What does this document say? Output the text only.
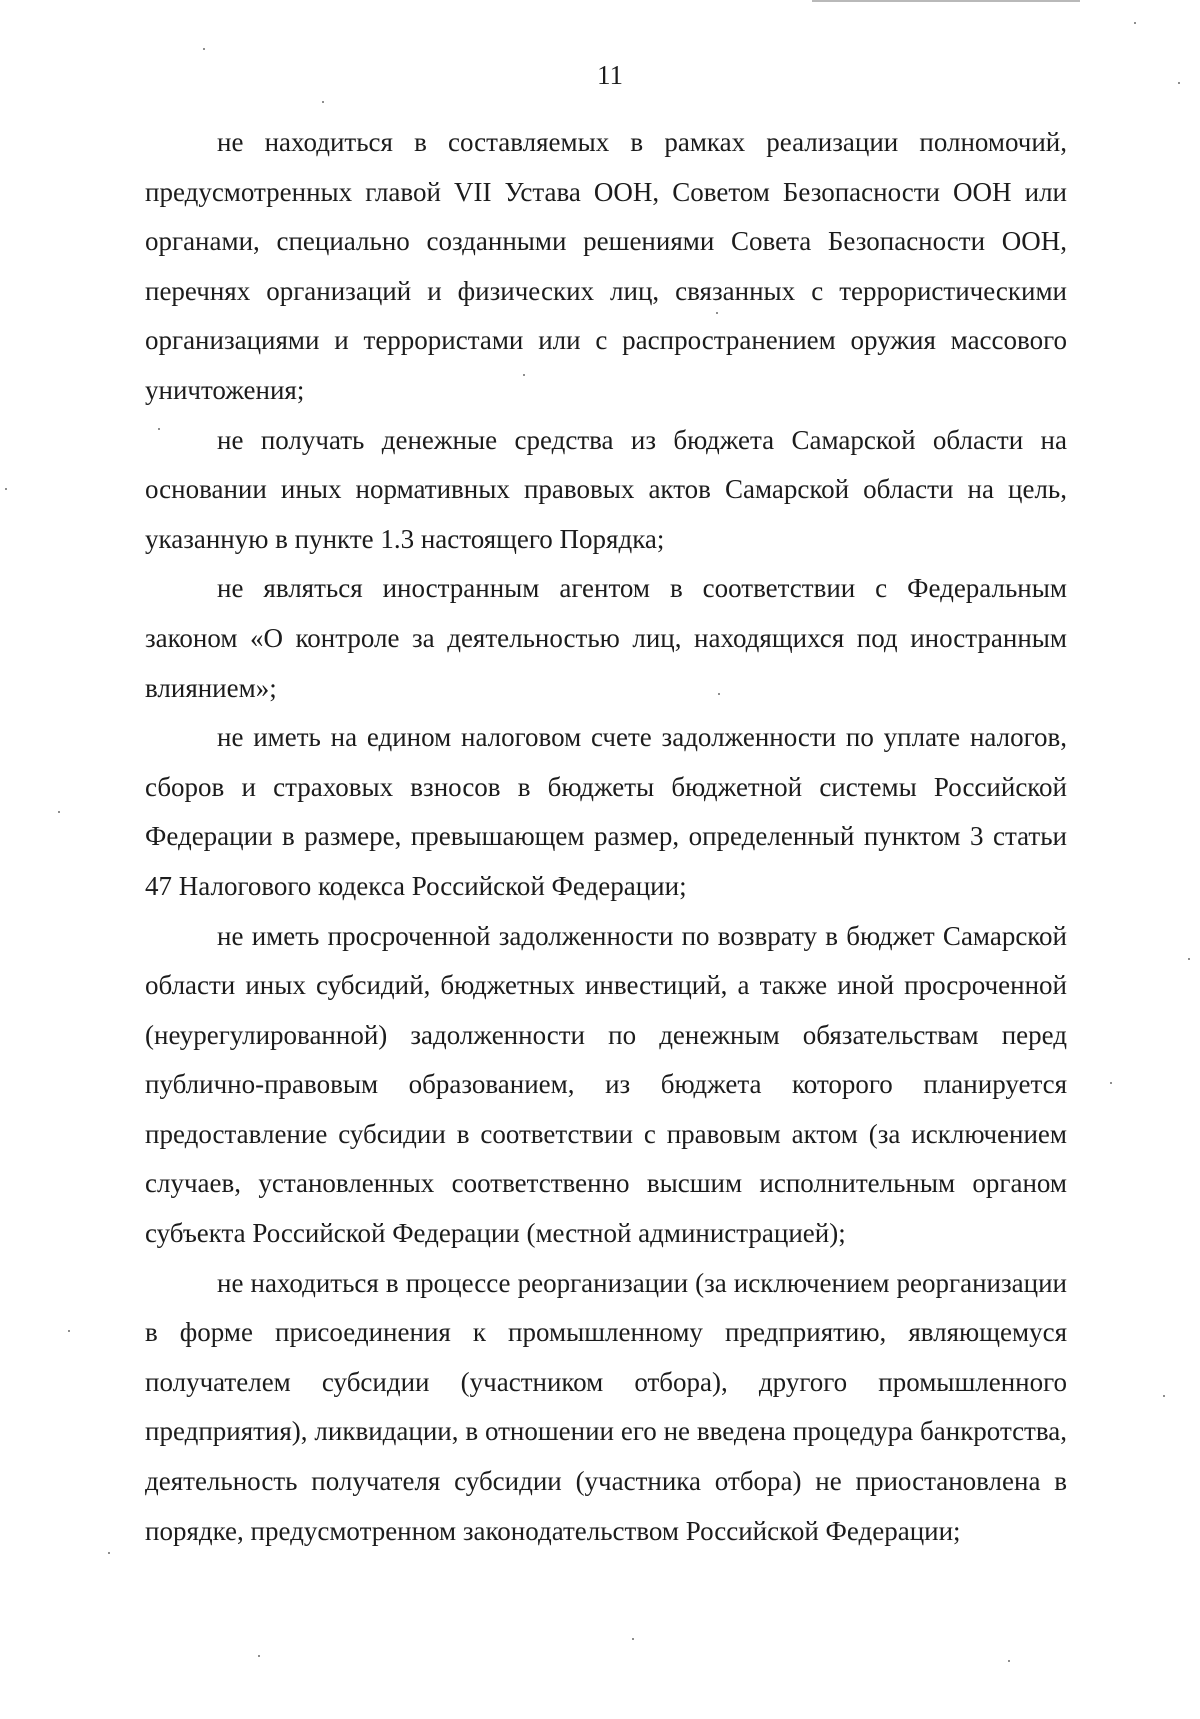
11

не находиться в составляемых в рамках реализации полномочий, предусмотренных главой VII Устава ООН, Советом Безопасности ООН или органами, специально созданными решениями Совета Безопасности ООН, перечнях организаций и физических лиц, связанных с террористическими организациями и террористами или с распространением оружия массового уничтожения;

не получать денежные средства из бюджета Самарской области на основании иных нормативных правовых актов Самарской области на цель, указанную в пункте 1.3 настоящего Порядка;

не являться иностранным агентом в соответствии с Федеральным законом «О контроле за деятельностью лиц, находящихся под иностранным влиянием»;

не иметь на едином налоговом счете задолженности по уплате налогов, сборов и страховых взносов в бюджеты бюджетной системы Российской Федерации в размере, превышающем размер, определенный пунктом 3 статьи 47 Налогового кодекса Российской Федерации;

не иметь просроченной задолженности по возврату в бюджет Самарской области иных субсидий, бюджетных инвестиций, а также иной просроченной (неурегулированной) задолженности по денежным обязательствам перед публично-правовым образованием, из бюджета которого планируется предоставление субсидии в соответствии с правовым актом (за исключением случаев, установленных соответственно высшим исполнительным органом субъекта Российской Федерации (местной администрацией);

не находиться в процессе реорганизации (за исключением реорганизации в форме присоединения к промышленному предприятию, являющемуся получателем субсидии (участником отбора), другого промышленного предприятия), ликвидации, в отношении его не введена процедура банкротства, деятельность получателя субсидии (участника отбора) не приостановлена в порядке, предусмотренном законодательством Российской Федерации;
